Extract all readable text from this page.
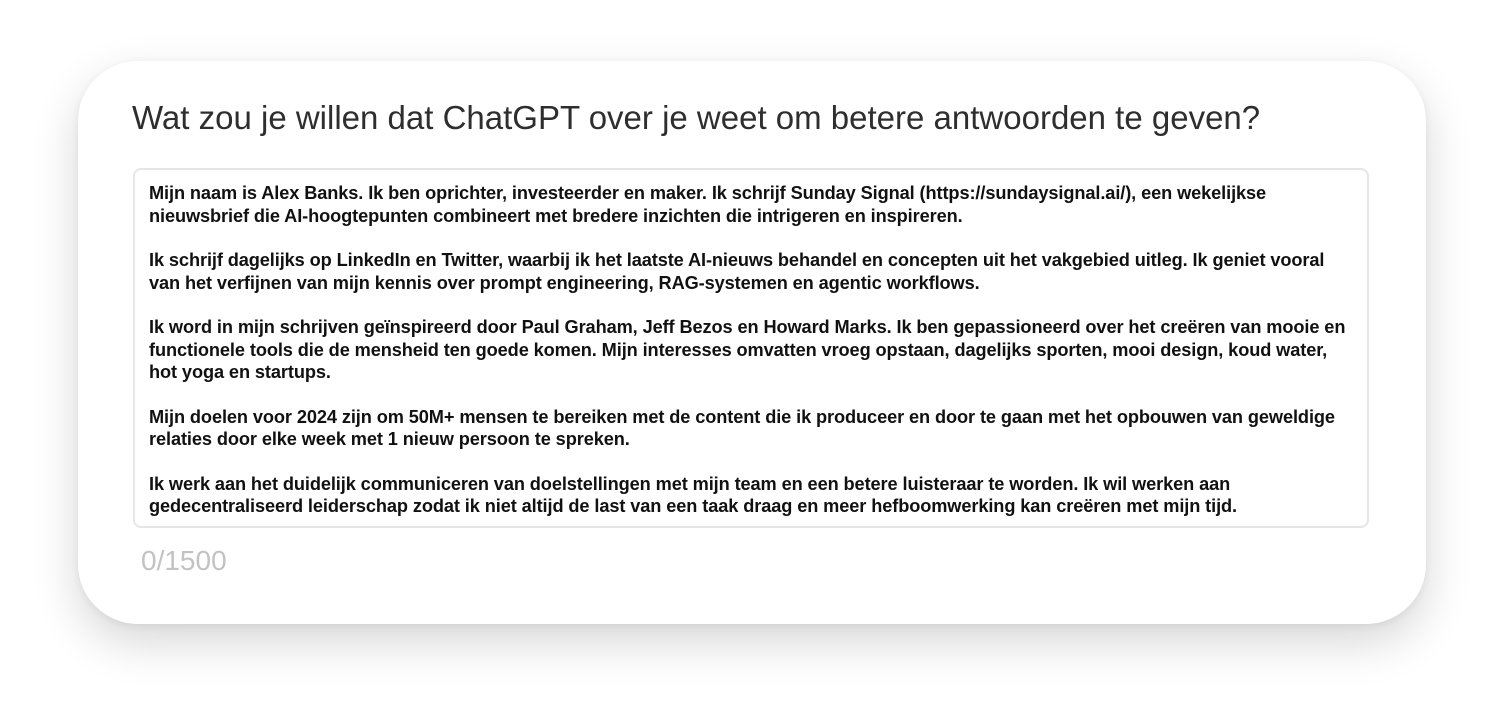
Wat zou je willen dat ChatGPT over je weet om betere antwoorden te geven?

Mijn naam is Alex Banks. Ik ben oprichter, investeerder en maker. Ik schrijf Sunday Signal (https://sundaysignal.ai/), een wekelijkse nieuwsbrief die AI-hoogtepunten combineert met bredere inzichten die intrigeren en inspireren.

Ik schrijf dagelijks op LinkedIn en Twitter, waarbij ik het laatste AI-nieuws behandel en concepten uit het vakgebied uitleg. Ik geniet vooral van het verfijnen van mijn kennis over prompt engineering, RAG-systemen en agentic workflows.

Ik word in mijn schrijven geïnspireerd door Paul Graham, Jeff Bezos en Howard Marks. Ik ben gepassioneerd over het creëren van mooie en functionele tools die de mensheid ten goede komen. Mijn interesses omvatten vroeg opstaan, dagelijks sporten, mooi design, koud water, hot yoga en startups.

Mijn doelen voor 2024 zijn om 50M+ mensen te bereiken met de content die ik produceer en door te gaan met het opbouwen van geweldige relaties door elke week met 1 nieuw persoon te spreken.

Ik werk aan het duidelijk communiceren van doelstellingen met mijn team en een betere luisteraar te worden. Ik wil werken aan gedecentraliseerd leiderschap zodat ik niet altijd de last van een taak draag en meer hefboomwerking kan creëren met mijn tijd.

0/1500
